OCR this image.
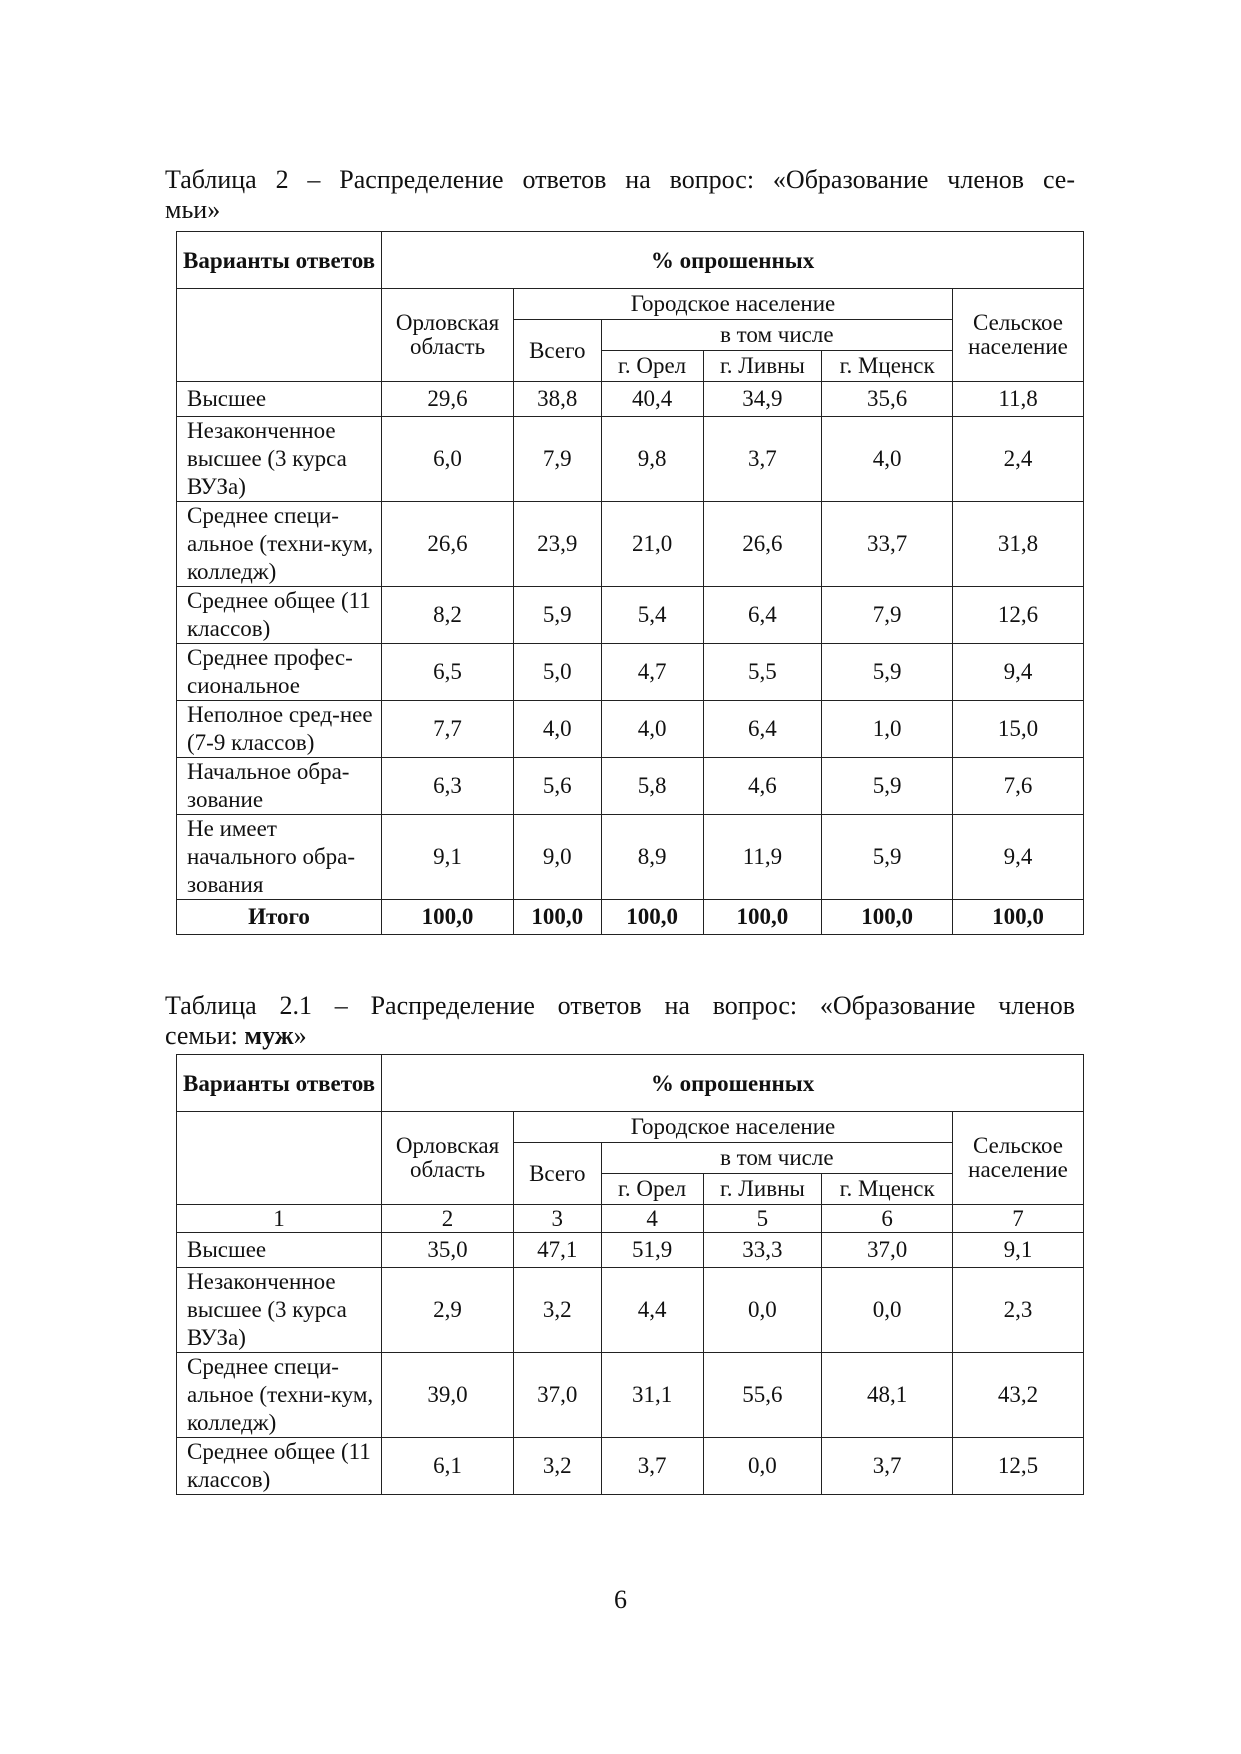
Таблица 2 – Распределение ответов на вопрос: «Образование членов се-
мьи»
Варианты ответов	% опрошенных					
	Орловская область	Городское население				Сельское население
		Всего	в том числе			
			г. Орел	г. Ливны	г. Мценск	
Высшее	29,6	38,8	40,4	34,9	35,6	11,8
Незаконченное высшее (3 курса ВУЗа)	6,0	7,9	9,8	3,7	4,0	2,4
Среднее специ-альное (техни-кум, колледж)	26,6	23,9	21,0	26,6	33,7	31,8
Среднее общее (11 классов)	8,2	5,9	5,4	6,4	7,9	12,6
Среднее профес-сиональное	6,5	5,0	4,7	5,5	5,9	9,4
Неполное сред-нее (7-9 классов)	7,7	4,0	4,0	6,4	1,0	15,0
Начальное обра-зование	6,3	5,6	5,8	4,6	5,9	7,6
Не имеет начального обра-зования	9,1	9,0	8,9	11,9	5,9	9,4
Итого	100,0	100,0	100,0	100,0	100,0	100,0
Таблица 2.1 – Распределение ответов на вопрос: «Образование членов
семьи: муж»
Варианты ответов	% опрошенных					
	Орловская область	Городское население				Сельское население
		Всего	в том числе			
			г. Орел	г. Ливны	г. Мценск	
1	2	3	4	5	6	7
Высшее	35,0	47,1	51,9	33,3	37,0	9,1
Незаконченное высшее (3 курса ВУЗа)	2,9	3,2	4,4	0,0	0,0	2,3
Среднее специ-альное (техни-кум, колледж)	39,0	37,0	31,1	55,6	48,1	43,2
Среднее общее (11 классов)	6,1	3,2	3,7	0,0	3,7	12,5
6
